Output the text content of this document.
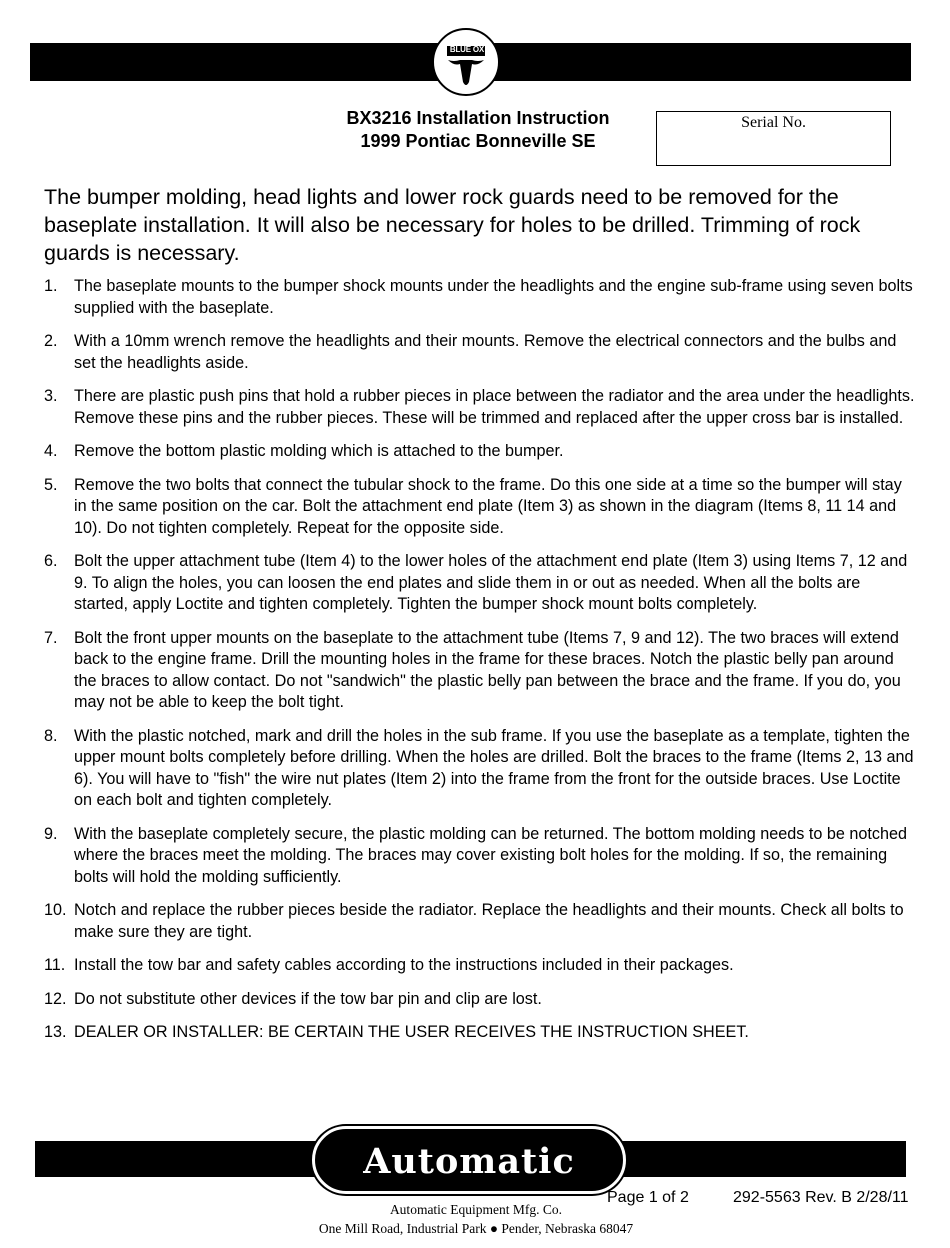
BLUE OX
BX3216 Installation Instruction
1999 Pontiac Bonneville SE
Serial No.
The bumper molding, head lights and lower rock guards need to be removed for the baseplate installation. It will also be necessary for holes to be drilled. Trimming of rock guards is necessary.
1. The baseplate mounts to the bumper shock mounts under the headlights and the engine sub-frame using seven bolts supplied with the baseplate.
2. With a 10mm wrench remove the headlights and their mounts. Remove the electrical connectors and the bulbs and set the headlights aside.
3. There are plastic push pins that hold a rubber pieces in place between the radiator and the area under the headlights. Remove these pins and the rubber pieces. These will be trimmed and replaced after the upper cross bar is installed.
4. Remove the bottom plastic molding which is attached to the bumper.
5. Remove the two bolts that connect the tubular shock to the frame. Do this one side at a time so the bumper will stay in the same position on the car. Bolt the attachment end plate (Item 3) as shown in the diagram (Items 8, 11 14 and 10). Do not tighten completely. Repeat for the opposite side.
6. Bolt the upper attachment tube (Item 4) to the lower holes of the attachment end plate (Item 3) using Items 7, 12 and 9. To align the holes, you can loosen the end plates and slide them in or out as needed. When all the bolts are started, apply Loctite and tighten completely. Tighten the bumper shock mount bolts completely.
7. Bolt the front upper mounts on the baseplate to the attachment tube (Items 7, 9 and 12). The two braces will extend back to the engine frame. Drill the mounting holes in the frame for these braces. Notch the plastic belly pan around the braces to allow contact. Do not "sandwich" the plastic belly pan between the brace and the frame. If you do, you may not be able to keep the bolt tight.
8. With the plastic notched, mark and drill the holes in the sub frame. If you use the baseplate as a template, tighten the upper mount bolts completely before drilling. When the holes are drilled. Bolt the braces to the frame (Items 2, 13 and 6). You will have to "fish" the wire nut plates (Item 2) into the frame from the front for the outside braces. Use Loctite on each bolt and tighten completely.
9. With the baseplate completely secure, the plastic molding can be returned. The bottom molding needs to be notched where the braces meet the molding. The braces may cover existing bolt holes for the molding. If so, the remaining bolts will hold the molding sufficiently.
10. Notch and replace the rubber pieces beside the radiator. Replace the headlights and their mounts. Check all bolts to make sure they are tight.
11. Install the tow bar and safety cables according to the instructions included in their packages.
12. Do not substitute other devices if the tow bar pin and clip are lost.
13. DEALER OR INSTALLER: BE CERTAIN THE USER RECEIVES THE INSTRUCTION SHEET.
Automatic
Automatic Equipment Mfg. Co.
One Mill Road, Industrial Park ● Pender, Nebraska 68047
Page 1 of 2	292-5563 Rev. B 2/28/11
